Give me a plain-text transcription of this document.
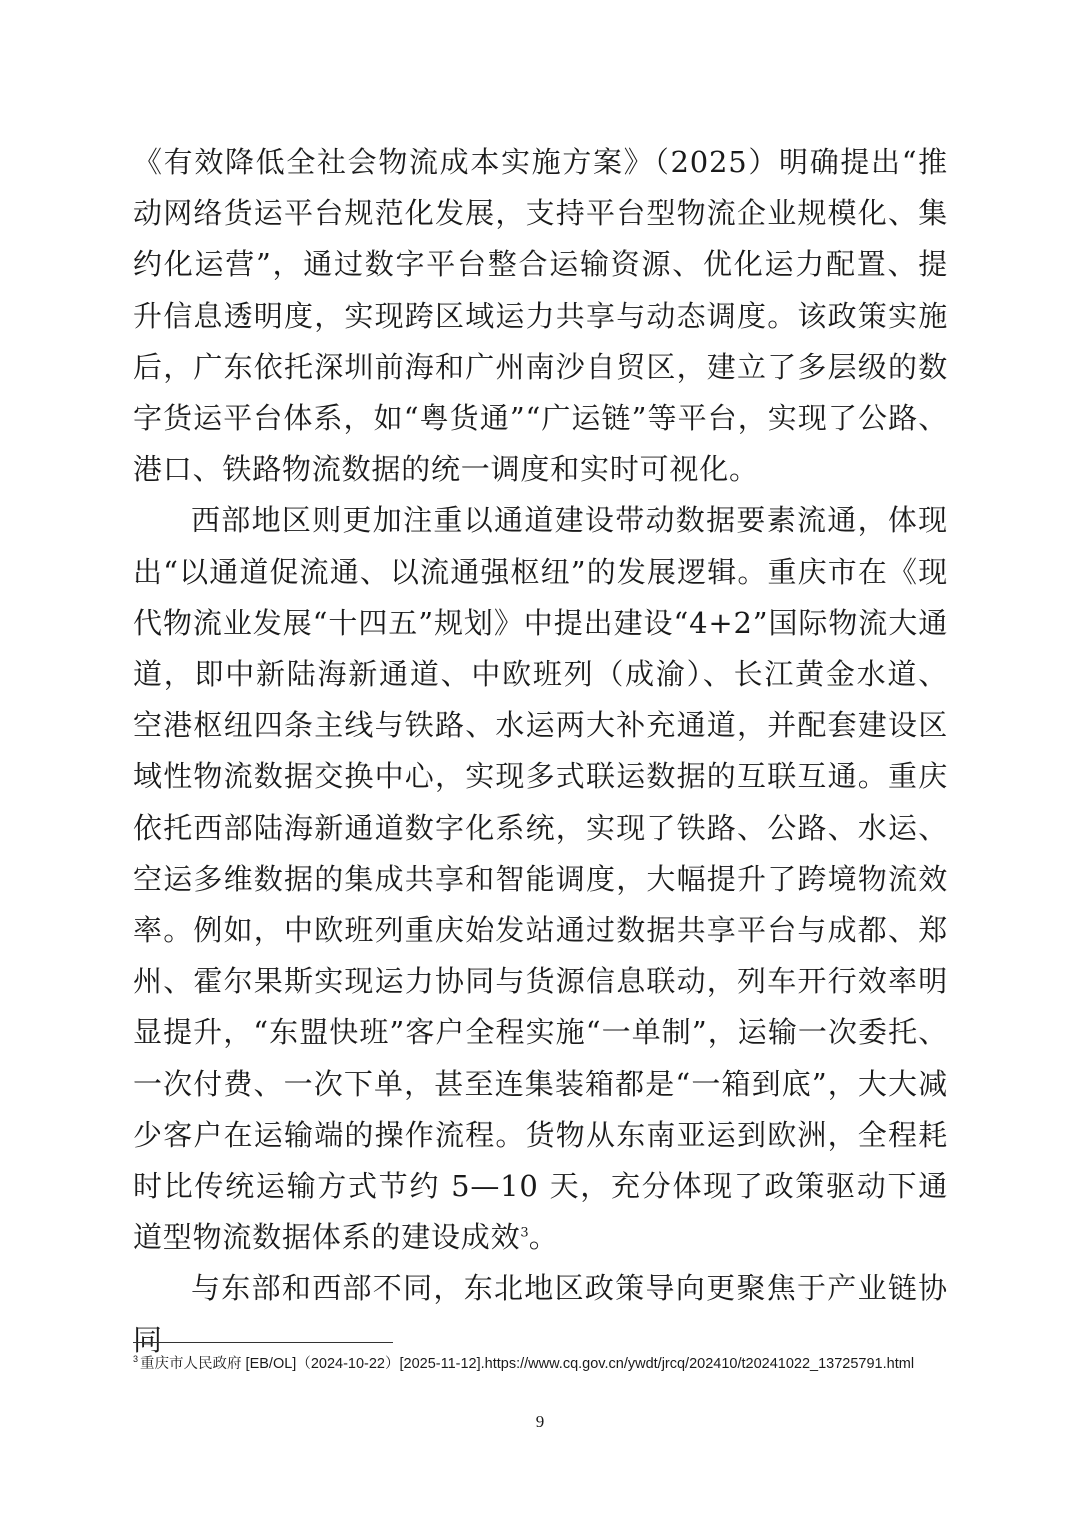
《有效降低全社会物流成本实施方案》（2025）明确提出“推动网络货运平台规范化发展，支持平台型物流企业规模化、集约化运营”，通过数字平台整合运输资源、优化运力配置、提升信息透明度，实现跨区域运力共享与动态调度。该政策实施后，广东依托深圳前海和广州南沙自贸区，建立了多层级的数字货运平台体系，如“粤货通”“广运链”等平台，实现了公路、港口、铁路物流数据的统一调度和实时可视化。

西部地区则更加注重以通道建设带动数据要素流通，体现出“以通道促流通、以流通强枢纽”的发展逻辑。重庆市在《现代物流业发展“十四五”规划》中提出建设“4+2”国际物流大通道，即中新陆海新通道、中欧班列（成渝）、长江黄金水道、空港枢纽四条主线与铁路、水运两大补充通道，并配套建设区域性物流数据交换中心，实现多式联运数据的互联互通。重庆依托西部陆海新通道数字化系统，实现了铁路、公路、水运、空运多维数据的集成共享和智能调度，大幅提升了跨境物流效率。例如，中欧班列重庆始发站通过数据共享平台与成都、郑州、霍尔果斯实现运力协同与货源信息联动，列车开行效率明显提升，“东盟快班”客户全程实施“一单制”，运输一次委托、一次付费、一次下单，甚至连集装箱都是“一箱到底”，大大减少客户在运输端的操作流程。货物从东南亚运到欧洲，全程耗时比传统运输方式节约 5—10 天，充分体现了政策驱动下通道型物流数据体系的建设成效$^3$。

与东部和西部不同，东北地区政策导向更聚焦于产业链协同

$^3$ 重庆市人民政府 [EB/OL]（2024-10-22）[2025-11-12].https://www.cq.gov.cn/ywdt/jrcq/202410/t20241022_13725791.html
9
